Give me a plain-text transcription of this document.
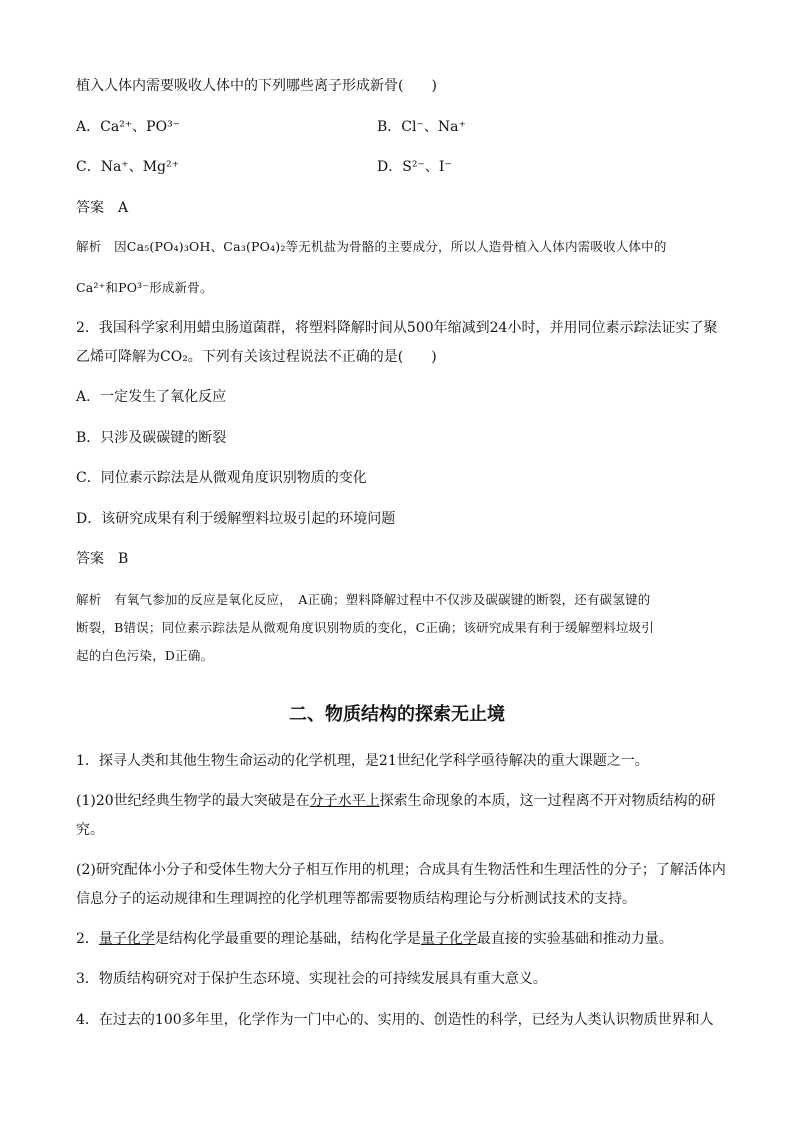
植入人体内需要吸收人体中的下列哪些离子形成新骨(　　)
A．Ca²⁺、PO³⁻	B．Cl⁻、Na⁺
C．Na⁺、Mg²⁺	D．S²⁻、I⁻
答案　A
解析　因Ca₅(PO₄)₃OH、Ca₃(PO₄)₂等无机盐为骨骼的主要成分，所以人造骨植入人体内需吸收人体中的
Ca²⁺和PO³⁻形成新骨。
2．我国科学家利用蜡虫肠道菌群，将塑料降解时间从500年缩减到24小时，并用同位素示踪法证实了聚
乙烯可降解为CO₂。下列有关该过程说法不正确的是(　　)
A．一定发生了氧化反应
B．只涉及碳碳键的断裂
C．同位素示踪法是从微观角度识别物质的变化
D．该研究成果有利于缓解塑料垃圾引起的环境问题
答案　B
解析　有氧气参加的反应是氧化反应，　A正确；塑料降解过程中不仅涉及碳碳键的断裂，还有碳氢键的
断裂，B错误；同位素示踪法是从微观角度识别物质的变化，C正确；该研究成果有利于缓解塑料垃圾引
起的白色污染，D正确。
二、物质结构的探索无止境
1．探寻人类和其他生物生命运动的化学机理，是21世纪化学科学亟待解决的重大课题之一。
(1)20世纪经典生物学的最大突破是在分子水平上探索生命现象的本质，这一过程离不开对物质结构的研
究。
(2)研究配体小分子和受体生物大分子相互作用的机理；合成具有生物活性和生理活性的分子；了解活体内
信息分子的运动规律和生理调控的化学机理等都需要物质结构理论与分析测试技术的支持。
2．量子化学是结构化学最重要的理论基础，结构化学是量子化学最直接的实验基础和推动力量。
3．物质结构研究对于保护生态环境、实现社会的可持续发展具有重大意义。
4．在过去的100多年里，化学作为一门中心的、实用的、创造性的科学，已经为人类认识物质世界和人
